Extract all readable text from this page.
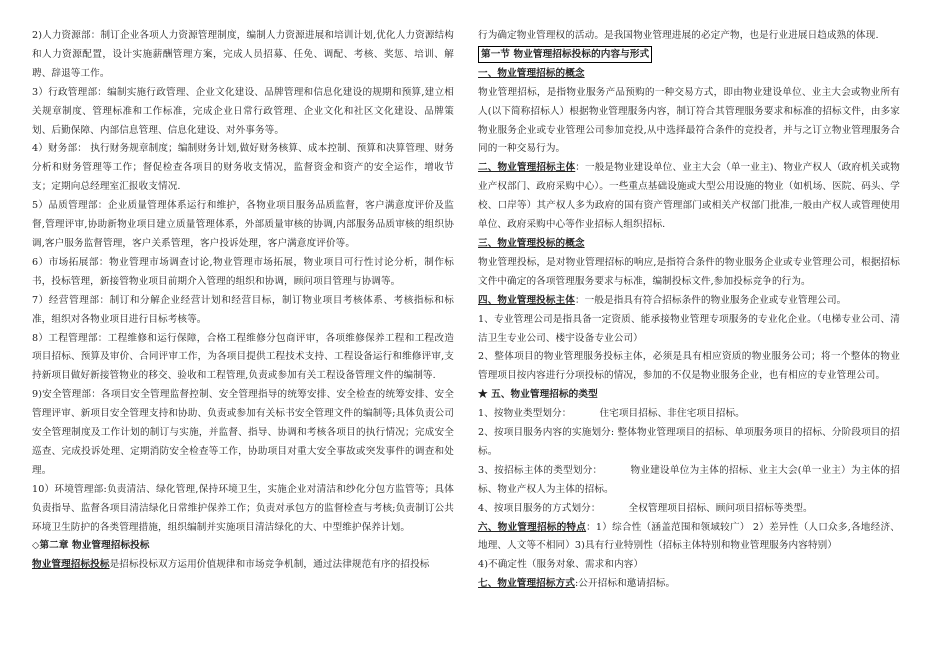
2)人力资源部：制订企业各项人力资源管理制度，编制人力资源进展和培训计划,优化人力资源结构和人力资源配置，设计实施薪酬管理方案，完成人员招募、任免、调配、考核、奖惩、培训、解聘、辞退等工作。

3）行政管理部：编制实施行政管理、企业文化建设、品牌管理和信息化建设的规期和预算,建立相关规章制度、管理标准和工作标准，完成企业日常行政管理、企业文化和社区文化建设、品牌策划、后勤保障、内部信息管理、信息化建设、对外事务等。

4）财务部： 执行财务规章制度；编制财务计划,做好财务核算、成本控制、预算和决算管理、财务分析和财务管理等工作；督促检查各项目的财务收支情况，监督资金和资产的安全运作，增收节支；定期向总经理室汇报收支情况.

5）品质管理部：企业质量管理体系运行和维护，各物业项目服务品质监督，客户满意度评价及监督,管理评审,协助新物业项目建立质量管理体系，外部质量审核的协调,内部服务品质审核的组织协调,客户服务监督管理，客户关系管理，客户投诉处理，客户满意度评价等。

6）市场拓展部：物业管理市场调查讨论,物业管理市场拓展，物业项目可行性讨论分析，制作标书，投标管理，新接管物业项目前期介入管理的组织和协调，顾问项目管理与协调等。

7）经营管理部：制订和分解企业经营计划和经营目标，制订物业项目考核体系、考核指标和标准，组织对各物业项目进行目标考核等。

8）工程管理部：工程维修和运行保障，合格工程维修分包商评审，各项维修保养工程和工程改造项目招标、预算及审价、合同评审工作，为各项目提供工程技术支持、工程设备运行和维修评审,支持新项目做好新接管物业的移交、验收和工程管理,负责或参加有关工程设备管理文件的编制等.

9)安全管理部：各项目安全管理监督控制、安全管理指导的统筹安排、安全检查的统筹安排、安全管理评审、新项目安全管理支持和协助、负责或参加有关标书安全管理文件的编制等;具体负责公司安全管理制度及工作计划的制订与实施，并监督、指导、协调和考核各项目的执行情况；完成安全巡查、完成投诉处理、定期消防安全检查等工作，协助项目对重大安全事故或突发事件的调查和处理。

10）环境管理部:负责清洁、绿化管理,保持环境卫生，实施企业对清洁和纱化分包方监管等；具体负责指导、监督各项目清洁绿化日常维护保养工作；负责对承包方的监督检查与考核;负责制订公共环境卫生防护的各类管理措施，组织编制并实施项目清洁绿化的大、中型维护保养计划。

◇第二章 物业管理招标投标

物业管理招标投标是招标投标双方运用价值规律和市场竞争机制，通过法律规范有序的招投标

行为确定物业管理权的活动。是我国物业管理进展的必定产物，也是行业进展日趋成熟的体现.

第一节 物业管理招标投标的内容与形式

一、物业管理招标的概念

物业管理招标，是指物业服务产品预购的一种交易方式，即由物业建设单位、业主大会或物业所有人(以下简称招标人）根据物业管理服务内容，制订符合其管理服务要求和标准的招标文件，由多家物业服务企业或专业管理公司参加竞投,从中选择最符合条件的竞投者，并与之订立物业管理服务合同的一种交易行为。

二、物业管理招标主体：一般是物业建设单位、业主大会（单一业主)、物业产权人（政府机关或物业产权部门、政府采购中心）。一些重点基础设施或大型公用设施的物业（如机场、医院、码头、学校、口岸等）其产权人多为政府的国有资产管理部门或相关产权部门批准,一般由产权人或管理使用单位、政府采购中心等作业招标人组织招标.

三、物业管理投标的概念

物业管理投标，是对物业管理招标的响应,是指符合条件的物业服务企业或专业管理公司，根据招标文件中确定的各项管理服务要求与标准，编制投标文件,参加投标竞争的行为。

四、物业管理投标主体：一般是指具有符合招标条件的物业服务企业或专业管理公司。

1、专业管理公司是指具备一定资质、能承接物业管理专项服务的专业化企业。（电梯专业公司、清洁卫生专业公司、楼宇设备专业公司）

2、整体项目的物业管理服务投标主体，必须是具有相应资质的物业服务公司；将一个整体的物业管理项目按内容进行分项投标的情况，参加的不仅是物业服务企业，也有相应的专业管理公司。

★ 五、物业管理招标的类型

1、按物业类型划分：	住宅项目招标、非住宅项目招标。

2、按项目服务内容的实施划分: 整体物业管理项目的招标、单项服务项目的招标、分阶段项目的招标。

3、按招标主体的类型划分：	物业建设单位为主体的招标、业主大会(单一业主）为主体的招标、物业产权人为主体的招标。

4、按项目服务的方式划分：	全权管理项目招标、顾问项目招标等类型。

六、物业管理招标的特点：1）综合性（涵盖范围和领域较广） 2）差异性（人口众多,各地经济、地理、人文等不相同）3)具有行业特别性（招标主体特别和物业管理服务内容特别）

4)不确定性（服务对象、需求和内容）

七、物业管理招标方式:公开招标和邀请招标。
